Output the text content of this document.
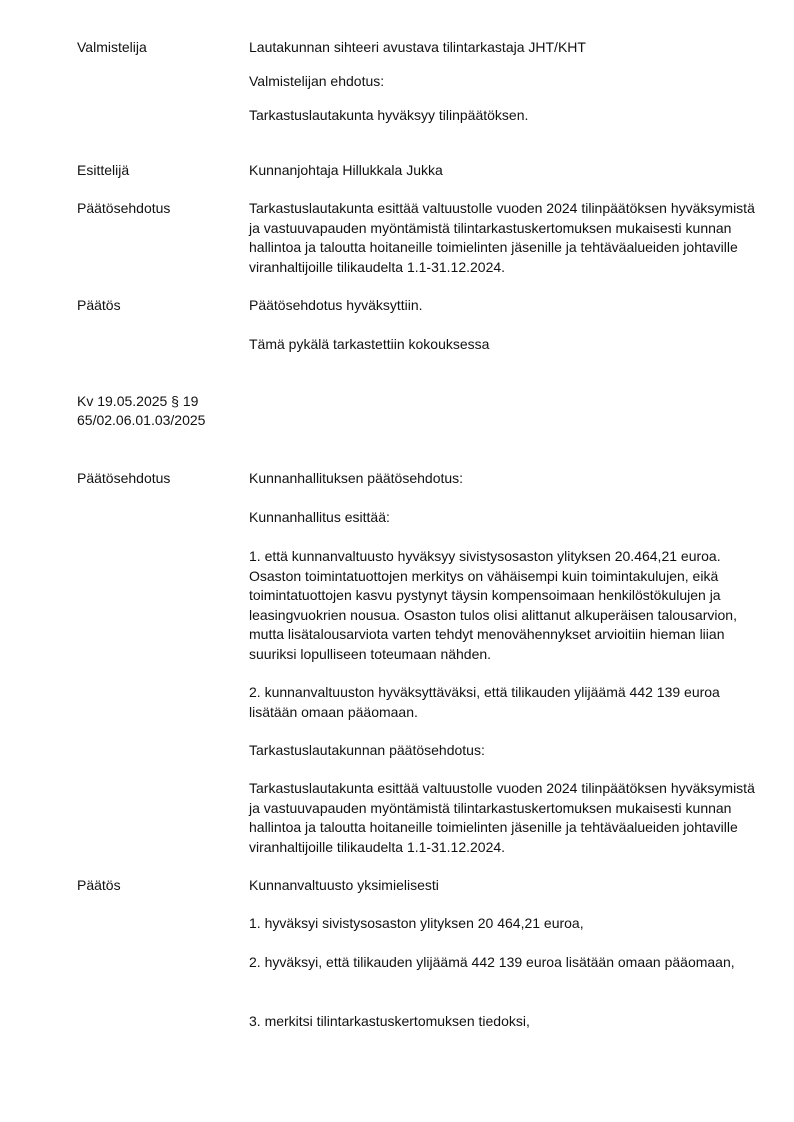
Valmistelija	Lautakunnan sihteeri avustava tilintarkastaja JHT/KHT
Valmistelijan ehdotus:
Tarkastuslautakunta hyväksyy tilinpäätöksen.
Esittelijä	Kunnanjohtaja Hillukkala Jukka
Päätösehdotus	Tarkastuslautakunta esittää valtuustolle vuoden 2024 tilinpäätöksen hyväksymistä ja vastuuvapauden myöntämistä tilintarkastuskertomuksen mukaisesti kunnan hallintoa ja taloutta hoitaneille toimielinten jäsenille ja tehtäväalueiden johtaville viranhaltijoille tilikaudelta 1.1-31.12.2024.
Päätös	Päätösehdotus hyväksyttiin.
Tämä pykälä tarkastettiin kokouksessa
Kv 19.05.2025 § 19
65/02.06.01.03/2025
Päätösehdotus	Kunnanhallituksen päätösehdotus:
Kunnanhallitus esittää:
1. että kunnanvaltuusto hyväksyy sivistysosaston ylityksen 20.464,21 euroa. Osaston toimintatuottojen merkitys on vähäisempi kuin toimintakulujen, eikä toimintatuottojen kasvu pystynyt täysin kompensoimaan henkilöstökulujen ja leasingvuokrien nousua. Osaston tulos olisi alittanut alkuperäisen talousarvion, mutta lisätalousarviota varten tehdyt menovähennykset arvioitiin hieman liian suuriksi lopulliseen toteumaan nähden.
2. kunnanvaltuuston hyväksyttäväksi, että tilikauden ylijäämä 442 139 euroa lisätään omaan pääomaan.
Tarkastuslautakunnan päätösehdotus:
Tarkastuslautakunta esittää valtuustolle vuoden 2024 tilinpäätöksen hyväksymistä ja vastuuvapauden myöntämistä tilintarkastuskertomuksen mukaisesti kunnan hallintoa ja taloutta hoitaneille toimielinten jäsenille ja tehtäväalueiden johtaville viranhaltijoille tilikaudelta 1.1-31.12.2024.
Päätös	Kunnanvaltuusto yksimielisesti
1. hyväksyi sivistysosaston ylityksen 20 464,21 euroa,
2. hyväksyi, että tilikauden ylijäämä 442 139 euroa lisätään omaan pääomaan,
3. merkitsi tilintarkastuskertomuksen tiedoksi,
